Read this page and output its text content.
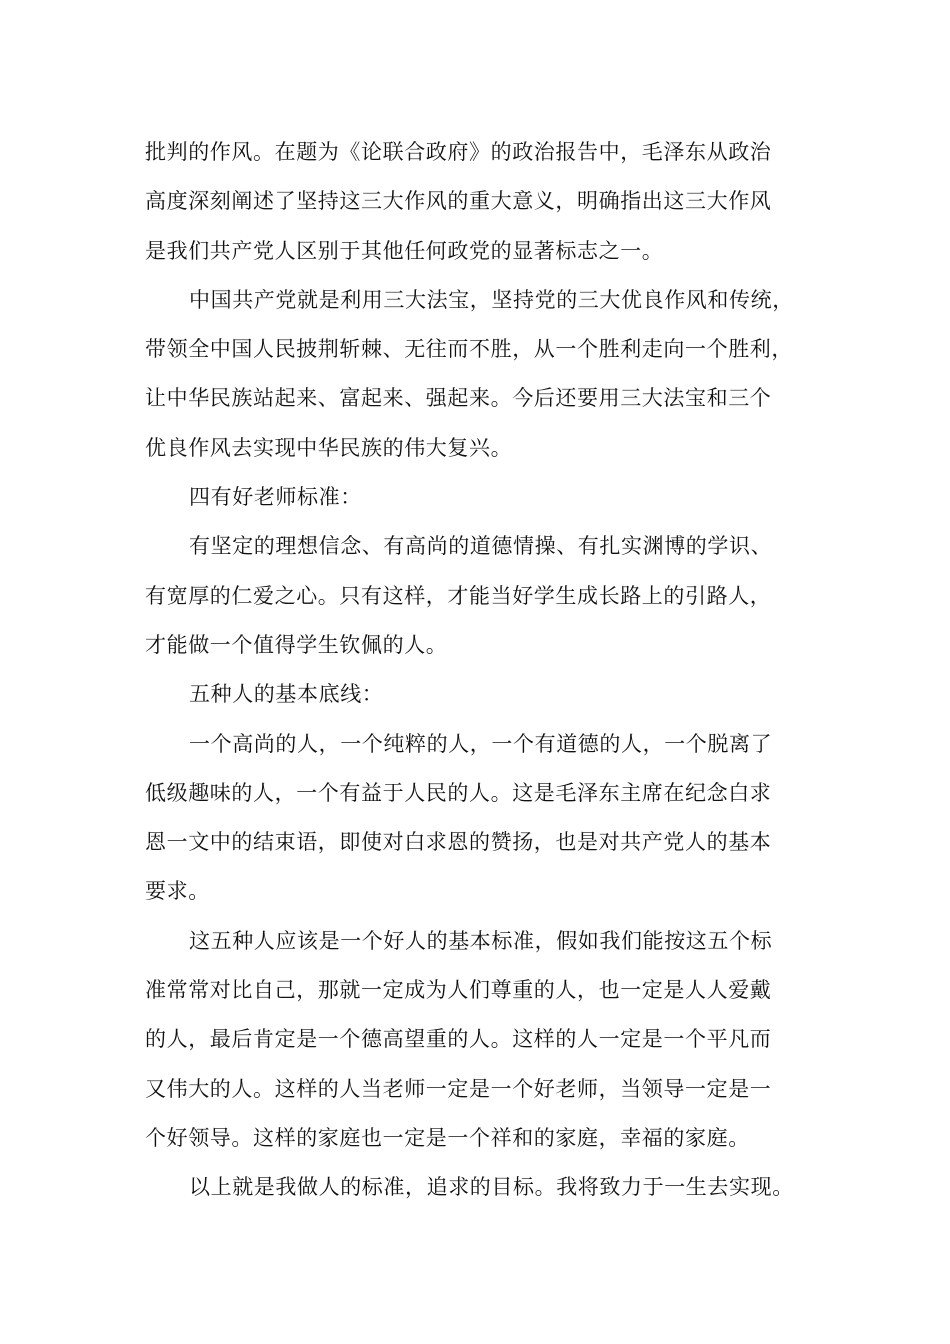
批判的作风。在题为《论联合政府》的政治报告中，毛泽东从政治
高度深刻阐述了坚持这三大作风的重大意义，明确指出这三大作风
是我们共产党人区别于其他任何政党的显著标志之一。
中国共产党就是利用三大法宝，坚持党的三大优良作风和传统，
带领全中国人民披荆斩棘、无往而不胜，从一个胜利走向一个胜利，
让中华民族站起来、富起来、强起来。今后还要用三大法宝和三个
优良作风去实现中华民族的伟大复兴。
四有好老师标准：
有坚定的理想信念、有高尚的道德情操、有扎实渊博的学识、
有宽厚的仁爱之心。只有这样，才能当好学生成长路上的引路人，
才能做一个值得学生钦佩的人。
五种人的基本底线：
一个高尚的人，一个纯粹的人，一个有道德的人，一个脱离了
低级趣味的人，一个有益于人民的人。这是毛泽东主席在纪念白求
恩一文中的结束语，即使对白求恩的赞扬，也是对共产党人的基本
要求。
这五种人应该是一个好人的基本标准，假如我们能按这五个标
准常常对比自己，那就一定成为人们尊重的人，也一定是人人爱戴
的人，最后肯定是一个德高望重的人。这样的人一定是一个平凡而
又伟大的人。这样的人当老师一定是一个好老师，当领导一定是一
个好领导。这样的家庭也一定是一个祥和的家庭，幸福的家庭。
以上就是我做人的标准，追求的目标。我将致力于一生去实现。
